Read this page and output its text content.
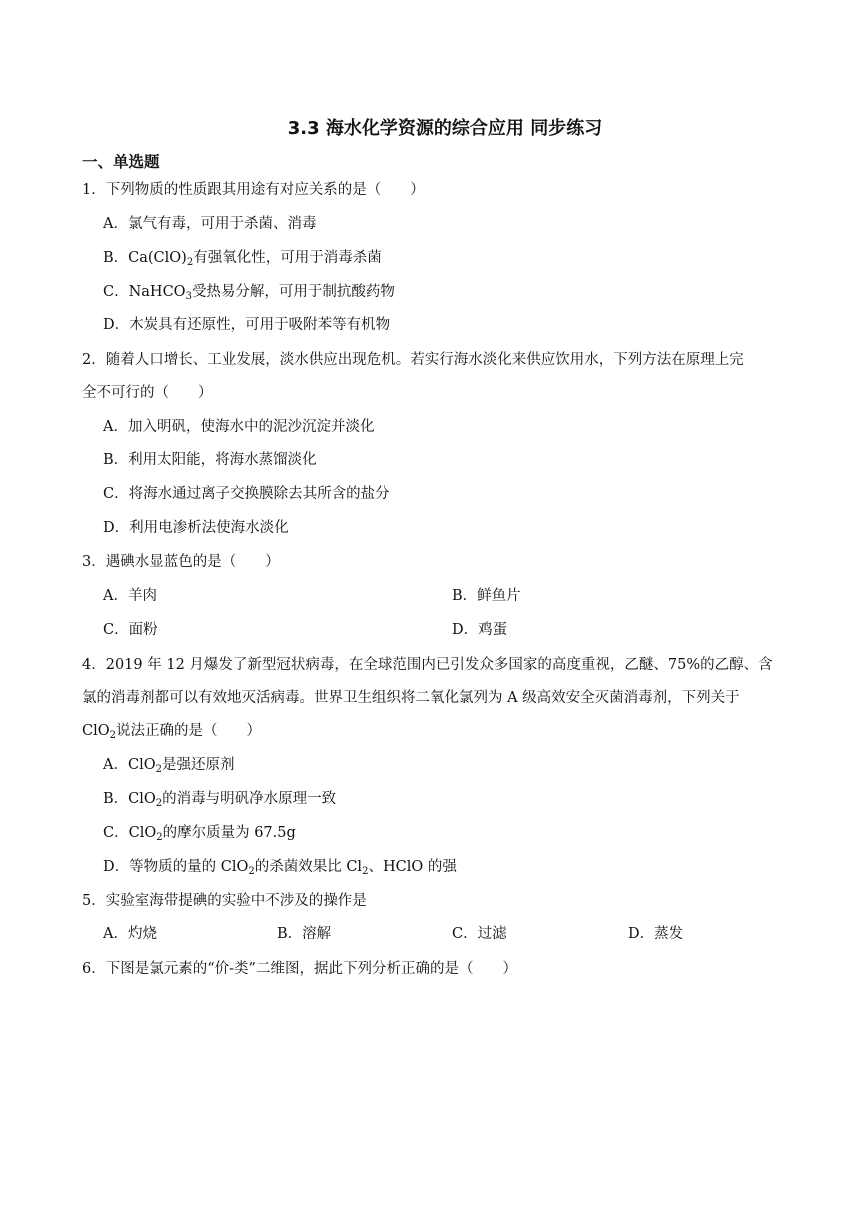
3.3 海水化学资源的综合应用 同步练习
一、单选题
1．下列物质的性质跟其用途有对应关系的是（　　）
A．氯气有毒，可用于杀菌、消毒
B．$Ca(ClO)_2$有强氧化性，可用于消毒杀菌
C．NaHCO$_3$受热易分解，可用于制抗酸药物
D．木炭具有还原性，可用于吸附苯等有机物
2．随着人口增长、工业发展，淡水供应出现危机。若实行海水淡化来供应饮用水，下列方法在原理上完
全不可行的（　　）
A．加入明矾，使海水中的泥沙沉淀并淡化
B．利用太阳能，将海水蒸馏淡化
C．将海水通过离子交换膜除去其所含的盐分
D．利用电渗析法使海水淡化
3．遇碘水显蓝色的是（　　）
A．羊肉	B．鲜鱼片
C．面粉	D．鸡蛋
4．2019 年 12 月爆发了新型冠状病毒，在全球范围内已引发众多国家的高度重视，乙醚、75%的乙醇、含
氯的消毒剂都可以有效地灭活病毒。世界卫生组织将二氧化氯列为 A 级高效安全灭菌消毒剂，下列关于
ClO$_2$说法正确的是（　　）
A．ClO$_2$是强还原剂
B．ClO$_2$的消毒与明矾净水原理一致
C．ClO$_2$的摩尔质量为 67.5g
D．等物质的量的 ClO$_2$的杀菌效果比 $Cl_2$、HClO 的强
5．实验室海带提碘的实验中不涉及的操作是
A．灼烧	B．溶解	C．过滤	D．蒸发
6．下图是氯元素的“价-类”二维图，据此下列分析正确的是（　　）
